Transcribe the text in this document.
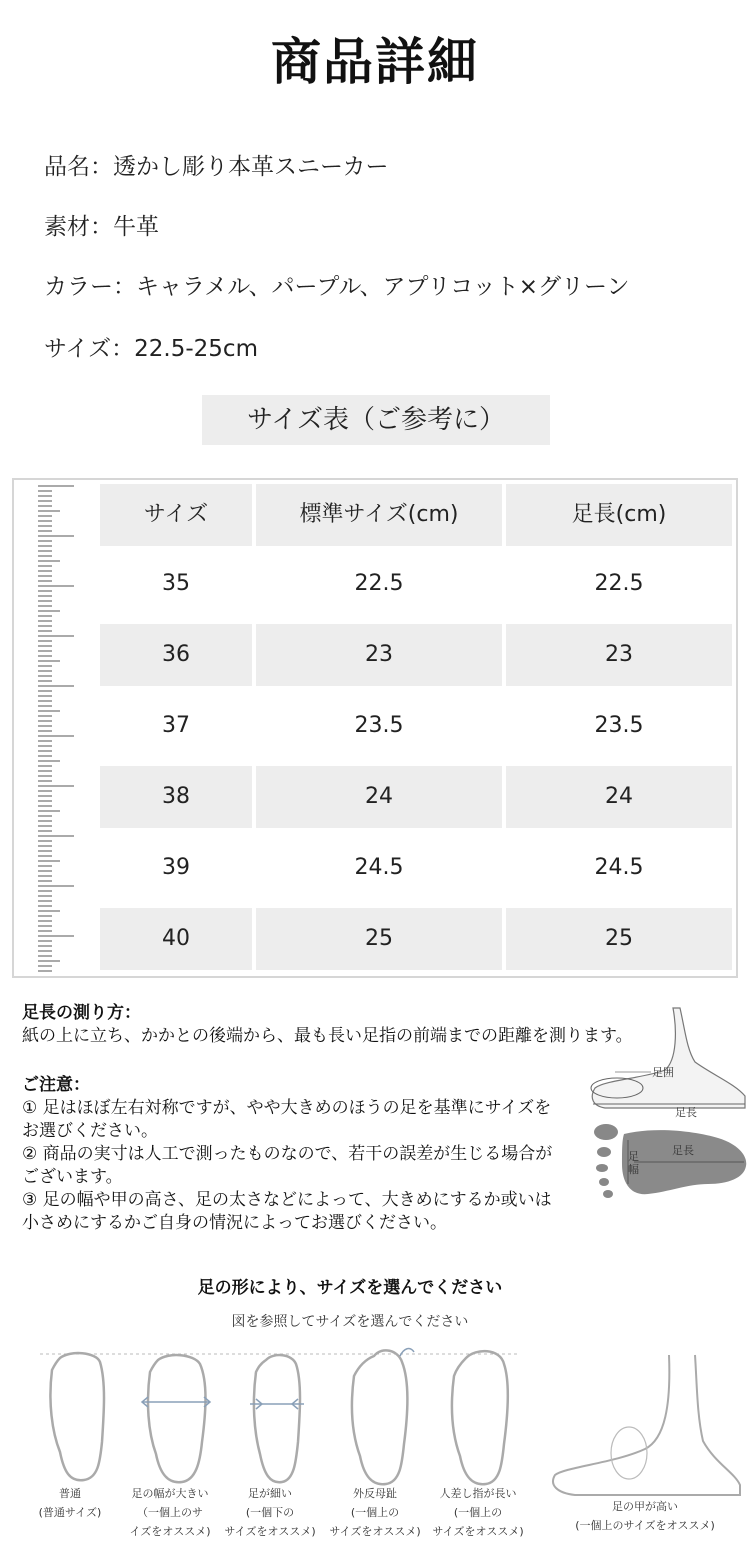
商品詳細
品名：透かし彫り本革スニーカー
素材：牛革
カラー：キャラメル、パープル、アプリコット×グリーン
サイズ：22.5-25cm
サイズ表（ご参考に）
サイズ	標準サイズ(cm)	足長(cm)
35	22.5	22.5
36	23	23
37	23.5	23.5
38	24	24
39	24.5	24.5
40	25	25
足長の測り方：
紙の上に立ち、かかとの後端から、最も長い足指の前端までの距離を測ります。
ご注意：
① 足はほぼ左右対称ですが、やや大きめのほうの足を基準にサイズを
お選びください。
② 商品の実寸は人工で測ったものなので、若干の誤差が生じる場合が
ございます。
③ 足の幅や甲の高さ、足の太さなどによって、大きめにするか或いは
小さめにするかご自身の情況によってお選びください。
足囲
足長
足幅
足長
足の形により、サイズを選んでください
図を参照してサイズを選んでください
普通
(普通サイズ)
足の幅が大きい
（一個上のサ
イズをオススメ)
足が細い
(一個下の
サイズをオススメ)
外反母趾
(一個上の
サイズをオススメ)
人差し指が長い
(一個上の
サイズをオススメ)
足の甲が高い
(一個上のサイズをオススメ)
